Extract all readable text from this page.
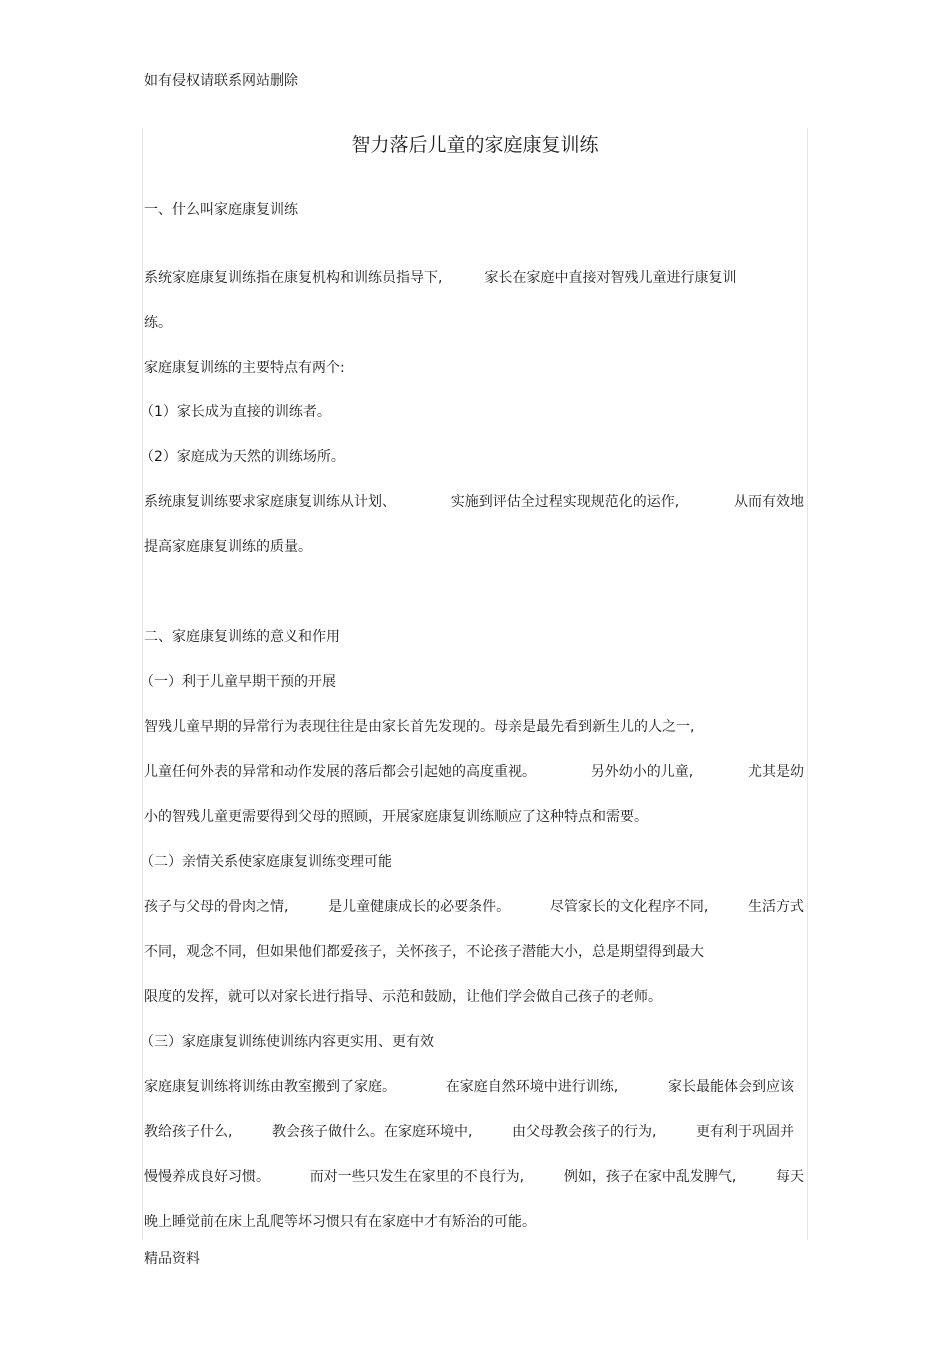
如有侵权请联系网站删除
智力落后儿童的家庭康复训练
一、什么叫家庭康复训练
系统家庭康复训练指在康复机构和训练员指导下,	家长在家庭中直接对智残儿童进行康复训
练。
家庭康复训练的主要特点有两个:
（1）家长成为直接的训练者。
（2）家庭成为天然的训练场所。
系统康复训练要求家庭康复训练从计划、	实施到评估全过程实现规范化的运作,	从而有效地
提高家庭康复训练的质量。
二、家庭康复训练的意义和作用
（一）利于儿童早期干预的开展
智残儿童早期的异常行为表现往往是由家长首先发现的。母亲是最先看到新生儿的人之一,
儿童任何外表的异常和动作发展的落后都会引起她的高度重视。	另外幼小的儿童,	尤其是幼
小的智残儿童更需要得到父母的照顾，开展家庭康复训练顺应了这种特点和需要。
（二）亲情关系使家庭康复训练变理可能
孩子与父母的骨肉之情,	是儿童健康成长的必要条件。	尽管家长的文化程序不同,	生活方式
不同，观念不同，但如果他们都爱孩子，关怀孩子，不论孩子潜能大小，总是期望得到最大
限度的发挥，就可以对家长进行指导、示范和鼓励，让他们学会做自己孩子的老师。
（三）家庭康复训练使训练内容更实用、更有效
家庭康复训练将训练由教室搬到了家庭。	在家庭自然环境中进行训练,	家长最能体会到应该
教给孩子什么,	教会孩子做什么。在家庭环境中,	由父母教会孩子的行为,	更有利于巩固并
慢慢养成良好习惯。	而对一些只发生在家里的不良行为,	例如，孩子在家中乱发脾气,	每天
晚上睡觉前在床上乱爬等坏习惯只有在家庭中才有矫治的可能。
精品资料
